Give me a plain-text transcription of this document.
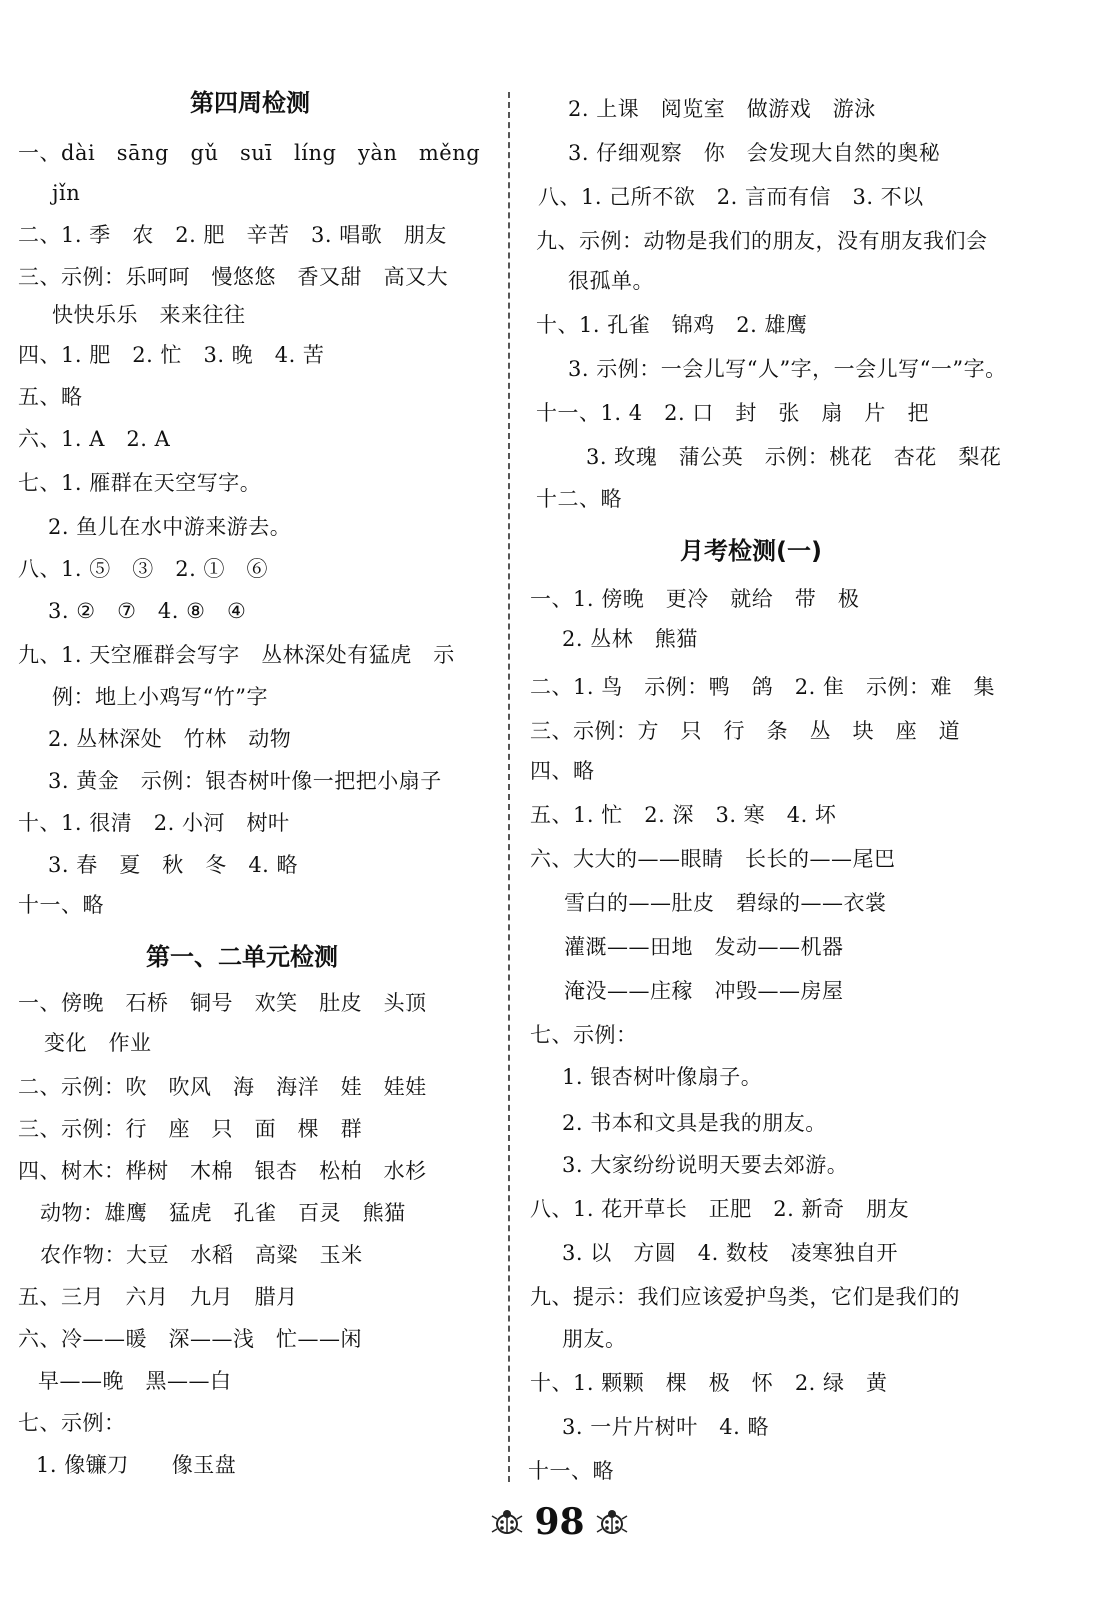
第四周检测
一、dài   sāng   gǔ   suī   líng   yàn   měng
jǐn
二、1. 季   农   2. 肥   辛苦   3. 唱歌   朋友
三、示例：乐呵呵   慢悠悠   香又甜   高又大
快快乐乐   来来往往
四、1. 肥   2. 忙   3. 晚   4. 苦
五、略
六、1. A   2. A
七、1. 雁群在天空写字。
2. 鱼儿在水中游来游去。
八、1. ⑤   ③   2. ①   ⑥
3. ②   ⑦   4. ⑧   ④
九、1. 天空雁群会写字   丛林深处有猛虎   示
例：地上小鸡写“竹”字
2. 丛林深处   竹林   动物
3. 黄金   示例：银杏树叶像一把把小扇子
十、1. 很清   2. 小河   树叶
3. 春   夏   秋   冬   4. 略
十一、略
第一、二单元检测
一、傍晚   石桥   铜号   欢笑   肚皮   头顶
变化   作业
二、示例：吹   吹风   海   海洋   娃   娃娃
三、示例：行   座   只   面   棵   群
四、树木：桦树   木棉   银杏   松柏   水杉
动物：雄鹰   猛虎   孔雀   百灵   熊猫
农作物：大豆   水稻   高粱   玉米
五、三月   六月   九月   腊月
六、冷——暖   深——浅   忙——闲
早——晚   黑——白
七、示例：
1. 像镰刀      像玉盘
2. 上课   阅览室   做游戏   游泳
3. 仔细观察   你   会发现大自然的奥秘
八、1. 己所不欲   2. 言而有信   3. 不以
九、示例：动物是我们的朋友，没有朋友我们会
很孤单。
十、1. 孔雀   锦鸡   2. 雄鹰
3. 示例：一会儿写“人”字，一会儿写“一”字。
十一、1. 4   2. 口   封   张   扇   片   把
3. 玫瑰   蒲公英   示例：桃花   杏花   梨花
十二、略
月考检测(一)
一、1. 傍晚   更冷   就给   带   极
2. 丛林   熊猫
二、1. 鸟   示例：鸭   鸽   2. 隹   示例：难   集
三、示例：方   只   行   条   丛   块   座   道
四、略
五、1. 忙   2. 深   3. 寒   4. 坏
六、大大的——眼睛   长长的——尾巴
雪白的——肚皮   碧绿的——衣裳
灌溉——田地   发动——机器
淹没——庄稼   冲毁——房屋
七、示例：
1. 银杏树叶像扇子。
2. 书本和文具是我的朋友。
3. 大家纷纷说明天要去郊游。
八、1. 花开草长   正肥   2. 新奇   朋友
3. 以   方圆   4. 数枝   凌寒独自开
九、提示：我们应该爱护鸟类，它们是我们的
朋友。
十、1. 颗颗   棵   极   怀   2. 绿   黄
3. 一片片树叶   4. 略
十一、略
98
